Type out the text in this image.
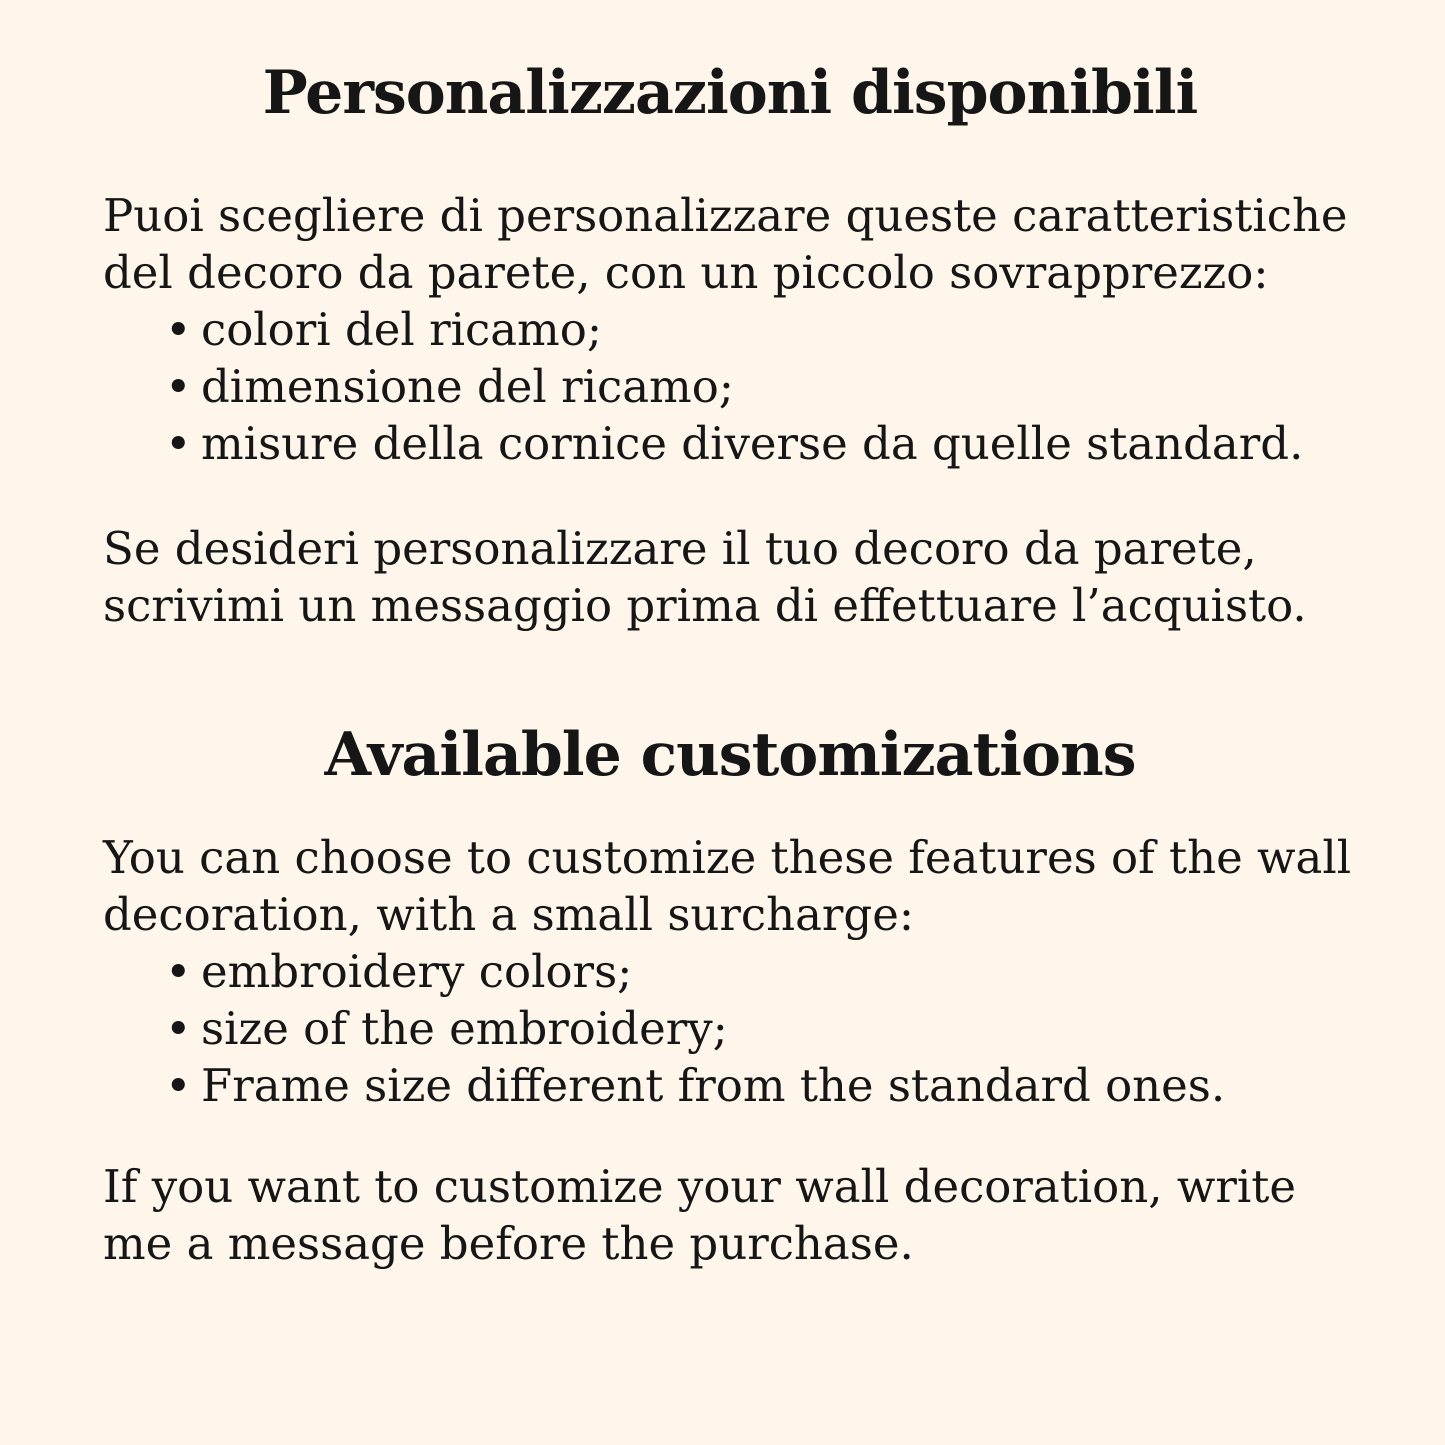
Personalizzazioni disponibili

Puoi scegliere di personalizzare queste caratteristiche del decoro da parete, con un piccolo sovrapprezzo:

• colori del ricamo;
• dimensione del ricamo;
• misure della cornice diverse da quelle standard.

Se desideri personalizzare il tuo decoro da parete, scrivimi un messaggio prima di effettuare l’acquisto.

Available customizations

You can choose to customize these features of the wall decoration, with a small surcharge:

• embroidery colors;
• size of the embroidery;
• Frame size different from the standard ones.

If you want to customize your wall decoration, write me a message before the purchase.
